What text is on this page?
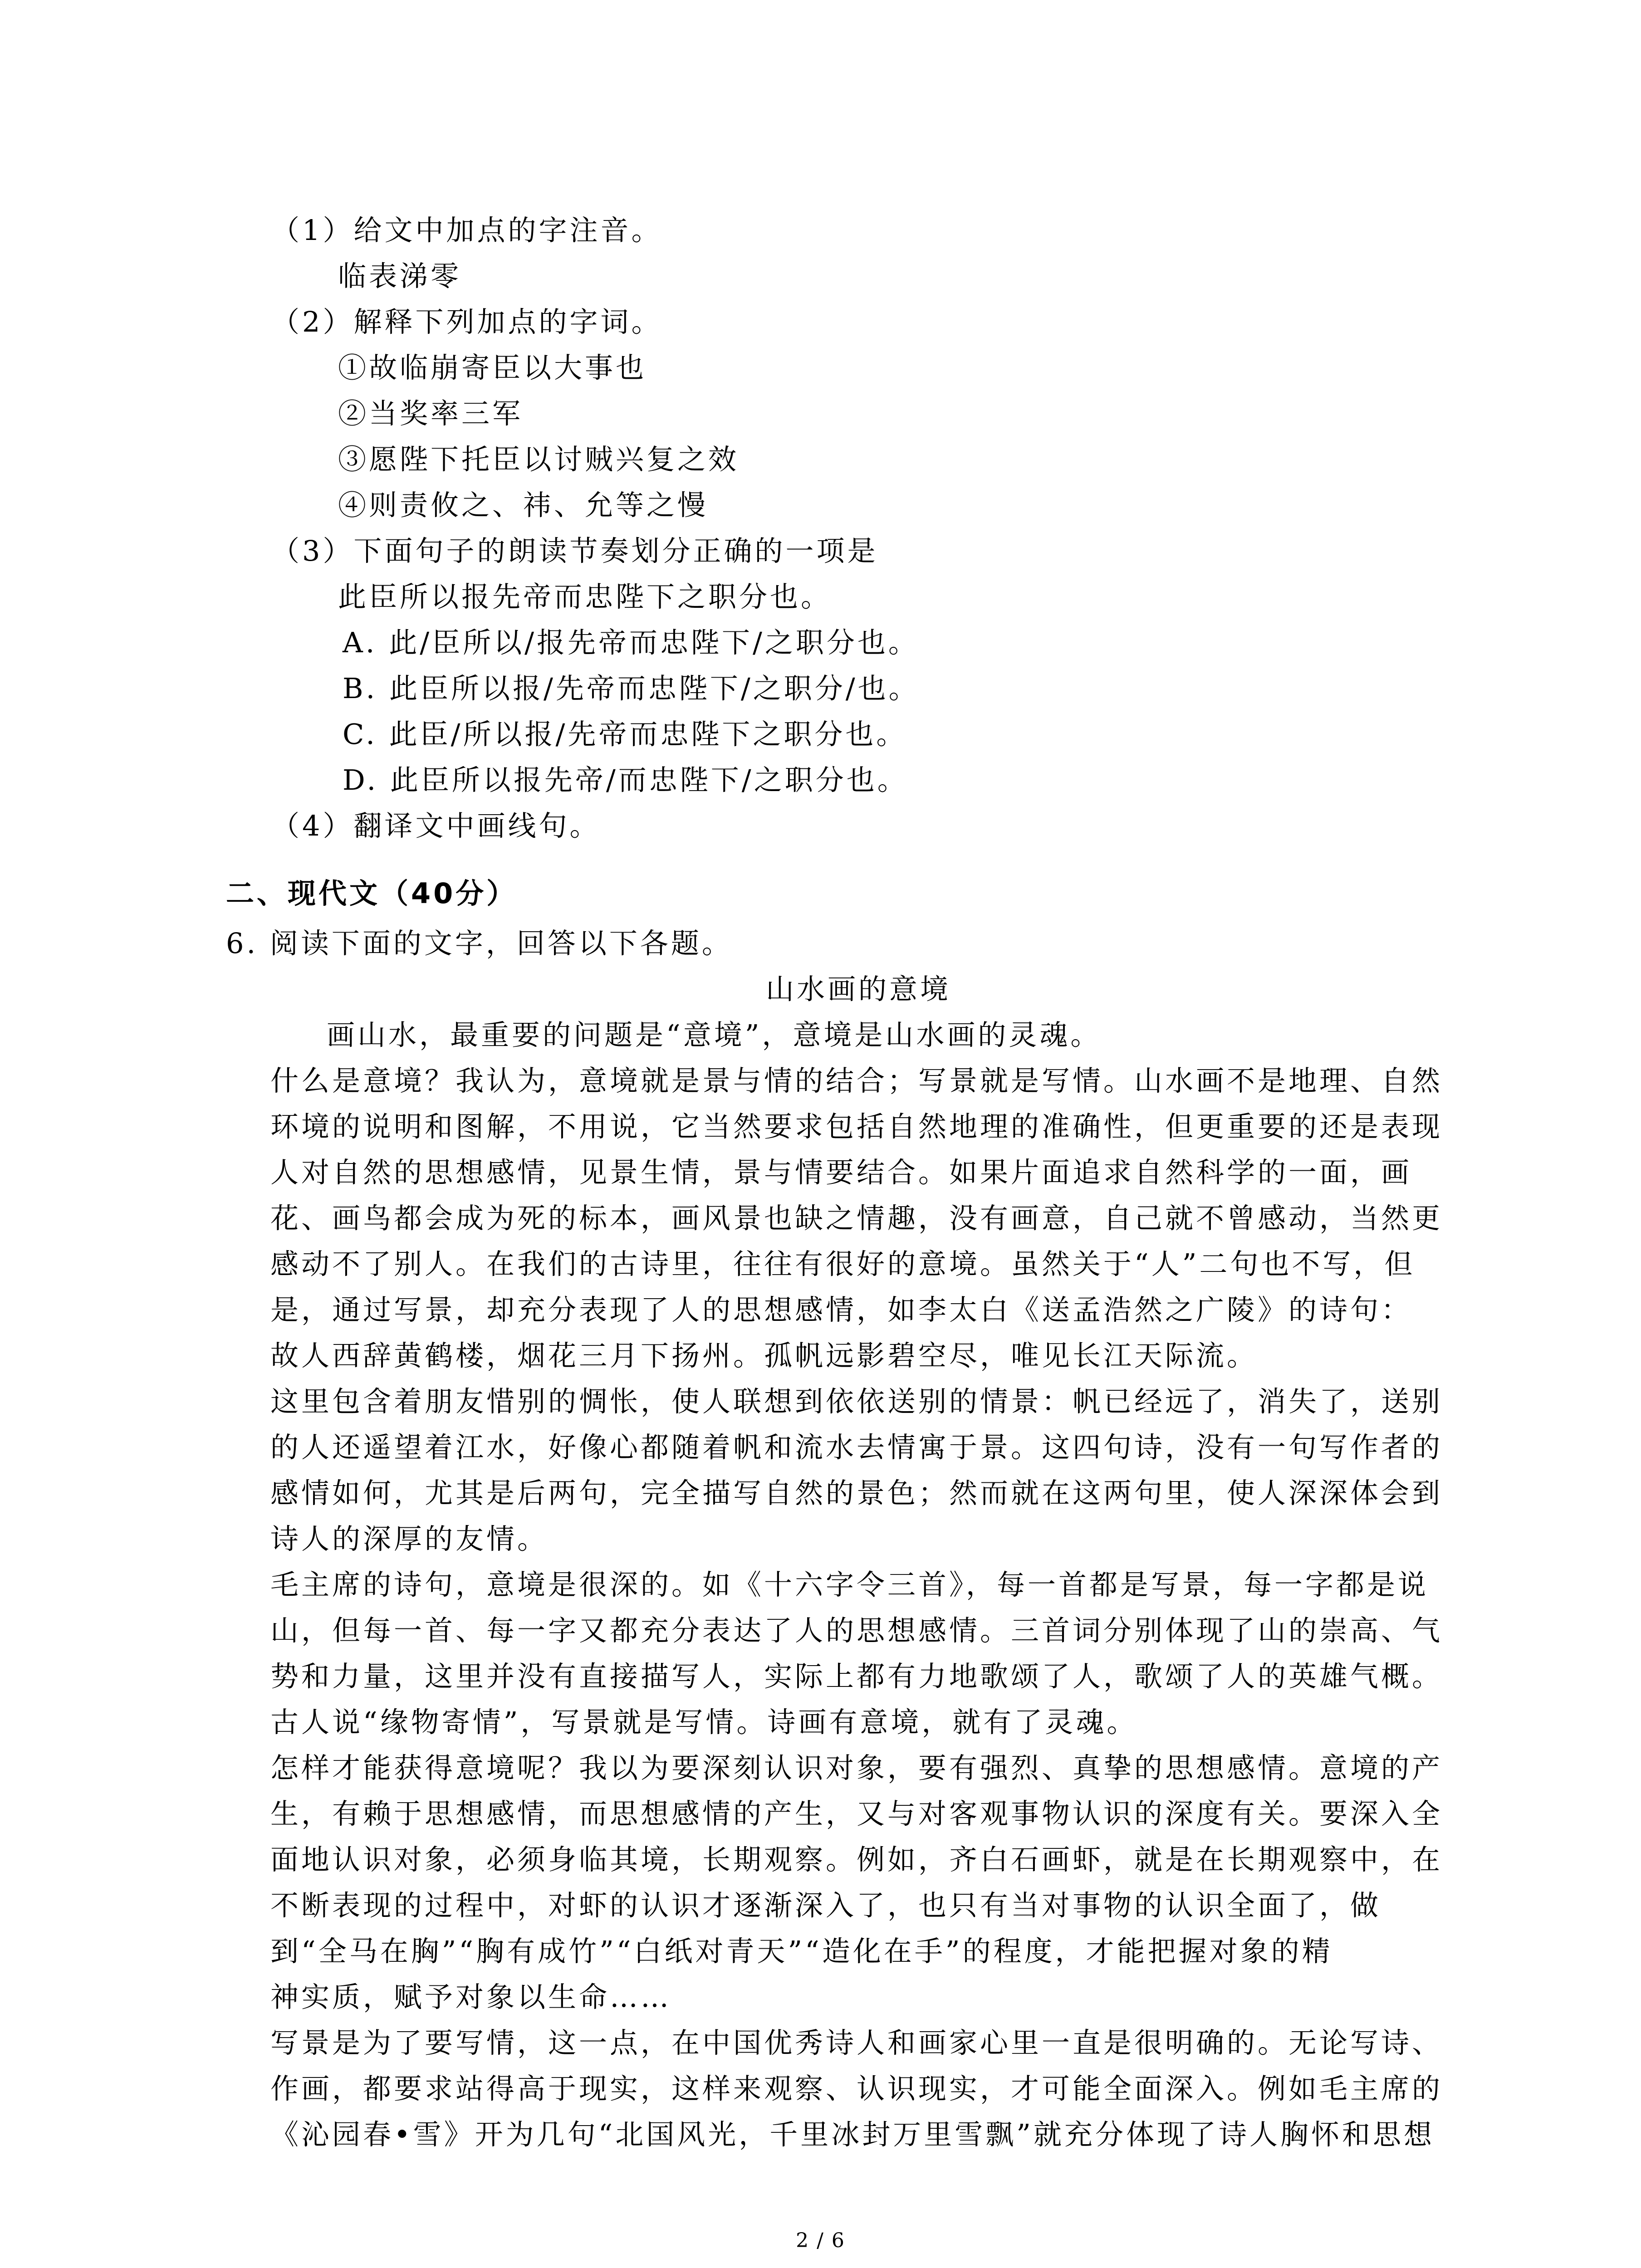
（1）给文中加点的字注音。
临表涕零
（2）解释下列加点的字词。
①故临崩寄臣以大事也
②当奖率三军
③愿陛下托臣以讨贼兴复之效
④则责攸之、祎、允等之慢
（3）下面句子的朗读节奏划分正确的一项是
此臣所以报先帝而忠陛下之职分也。
A. 此/臣所以/报先帝而忠陛下/之职分也。
B. 此臣所以报/先帝而忠陛下/之职分/也。
C. 此臣/所以报/先帝而忠陛下之职分也。
D. 此臣所以报先帝/而忠陛下/之职分也。
（4）翻译文中画线句。
二、现代文（40分）
6. 阅读下面的文字，回答以下各题。
山水画的意境
画山水，最重要的问题是“意境”，意境是山水画的灵魂。
什么是意境？我认为，意境就是景与情的结合；写景就是写情。山水画不是地理、自然
环境的说明和图解，不用说，它当然要求包括自然地理的准确性，但更重要的还是表现
人对自然的思想感情，见景生情，景与情要结合。如果片面追求自然科学的一面，画
花、画鸟都会成为死的标本，画风景也缺之情趣，没有画意，自己就不曾感动，当然更
感动不了别人。在我们的古诗里，往往有很好的意境。虽然关于“人”二句也不写，但
是，通过写景，却充分表现了人的思想感情，如李太白《送孟浩然之广陵》的诗句：
故人西辞黄鹤楼，烟花三月下扬州。孤帆远影碧空尽，唯见长江天际流。
这里包含着朋友惜别的惆怅，使人联想到依依送别的情景：帆已经远了，消失了，送别
的人还遥望着江水，好像心都随着帆和流水去情寓于景。这四句诗，没有一句写作者的
感情如何，尤其是后两句，完全描写自然的景色；然而就在这两句里，使人深深体会到
诗人的深厚的友情。
毛主席的诗句，意境是很深的。如《十六字令三首》，每一首都是写景，每一字都是说
山，但每一首、每一字又都充分表达了人的思想感情。三首词分别体现了山的崇高、气
势和力量，这里并没有直接描写人，实际上都有力地歌颂了人，歌颂了人的英雄气概。
古人说“缘物寄情”，写景就是写情。诗画有意境，就有了灵魂。
怎样才能获得意境呢？我以为要深刻认识对象，要有强烈、真挚的思想感情。意境的产
生，有赖于思想感情，而思想感情的产生，又与对客观事物认识的深度有关。要深入全
面地认识对象，必须身临其境，长期观察。例如，齐白石画虾，就是在长期观察中，在
不断表现的过程中，对虾的认识才逐渐深入了，也只有当对事物的认识全面了，做
到“全马在胸”“胸有成竹”“白纸对青天”“造化在手”的程度，才能把握对象的精
神实质，赋予对象以生命……
写景是为了要写情，这一点，在中国优秀诗人和画家心里一直是很明确的。无论写诗、
作画，都要求站得高于现实，这样来观察、认识现实，才可能全面深入。例如毛主席的
《沁园春•雪》开为几句“北国风光，千里冰封万里雪飘”就充分体现了诗人胸怀和思想
2 / 6
